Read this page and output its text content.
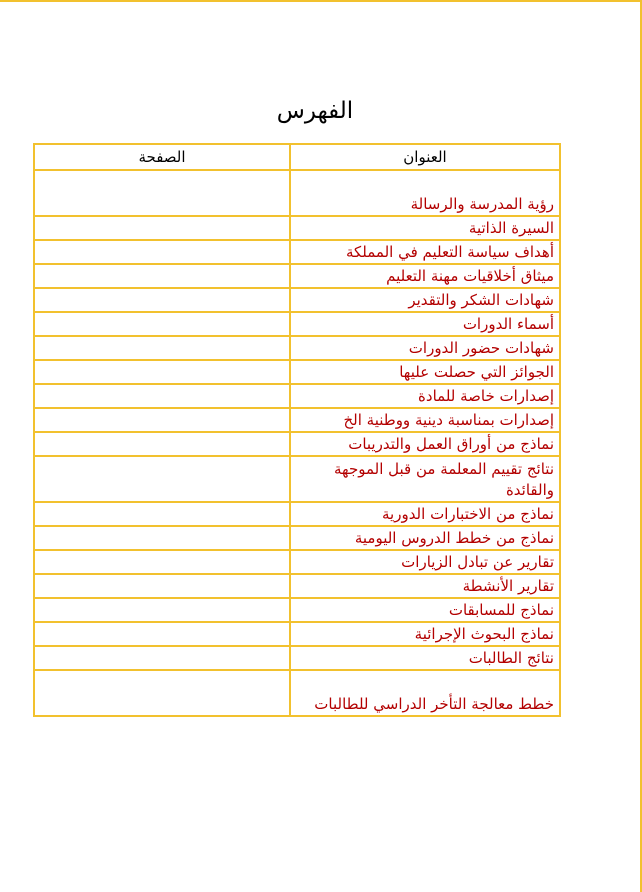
الفهرس
العنوان	الصفحة
رؤية المدرسة والرسالة	
السيرة الذاتية	
أهداف سياسة التعليم في المملكة	
ميثاق أخلاقيات مهنة التعليم	
شهادات الشكر والتقدير	
أسماء الدورات	
شهادات حضور الدورات	
الجوائز التي حصلت عليها	
إصدارات خاصة للمادة	
إصدارات بمناسبة دينية ووطنية الخ	
نماذج من أوراق العمل والتدريبات	
نتائج تقييم المعلمة من قبل الموجهة والقائدة	
نماذج من الاختبارات الدورية	
نماذج من خطط الدروس اليومية	
تقارير عن تبادل الزيارات	
تقارير الأنشطة	
نماذج للمسابقات	
نماذج البحوث الإجرائية	
نتائج الطالبات	
خطط معالجة التأخر الدراسي للطالبات	
